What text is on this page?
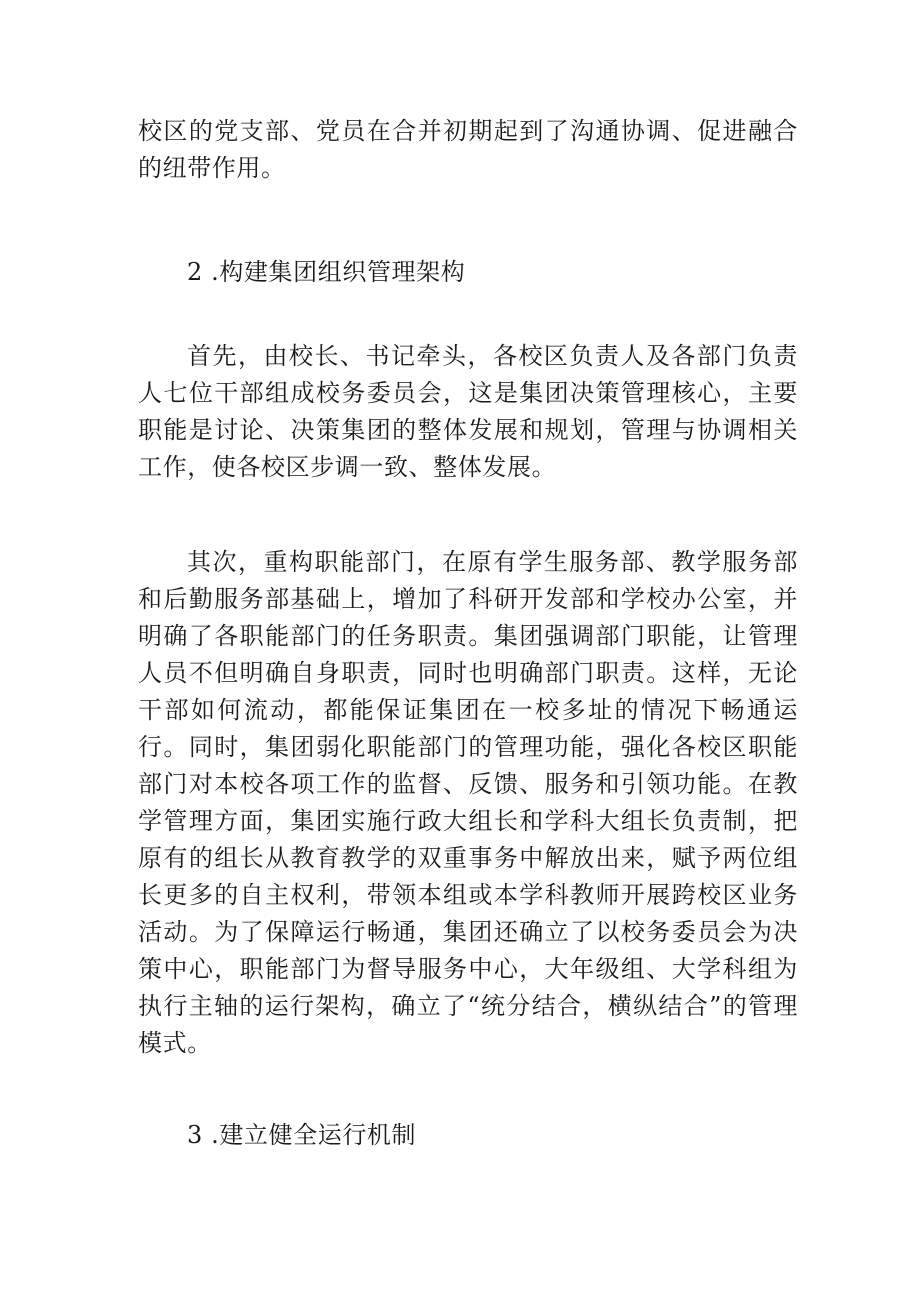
校区的党支部、党员在合并初期起到了沟通协调、促进融合的纽带作用。

2 .构建集团组织管理架构

首先，由校长、书记牵头，各校区负责人及各部门负责人七位干部组成校务委员会，这是集团决策管理核心，主要职能是讨论、决策集团的整体发展和规划，管理与协调相关工作，使各校区步调一致、整体发展。

其次，重构职能部门，在原有学生服务部、教学服务部和后勤服务部基础上，增加了科研开发部和学校办公室，并明确了各职能部门的任务职责。集团强调部门职能，让管理人员不但明确自身职责，同时也明确部门职责。这样，无论干部如何流动，都能保证集团在一校多址的情况下畅通运行。同时，集团弱化职能部门的管理功能，强化各校区职能部门对本校各项工作的监督、反馈、服务和引领功能。在教学管理方面，集团实施行政大组长和学科大组长负责制，把原有的组长从教育教学的双重事务中解放出来，赋予两位组长更多的自主权利，带领本组或本学科教师开展跨校区业务活动。为了保障运行畅通，集团还确立了以校务委员会为决策中心，职能部门为督导服务中心，大年级组、大学科组为执行主轴的运行架构，确立了“统分结合，横纵结合”的管理模式。

3 .建立健全运行机制
